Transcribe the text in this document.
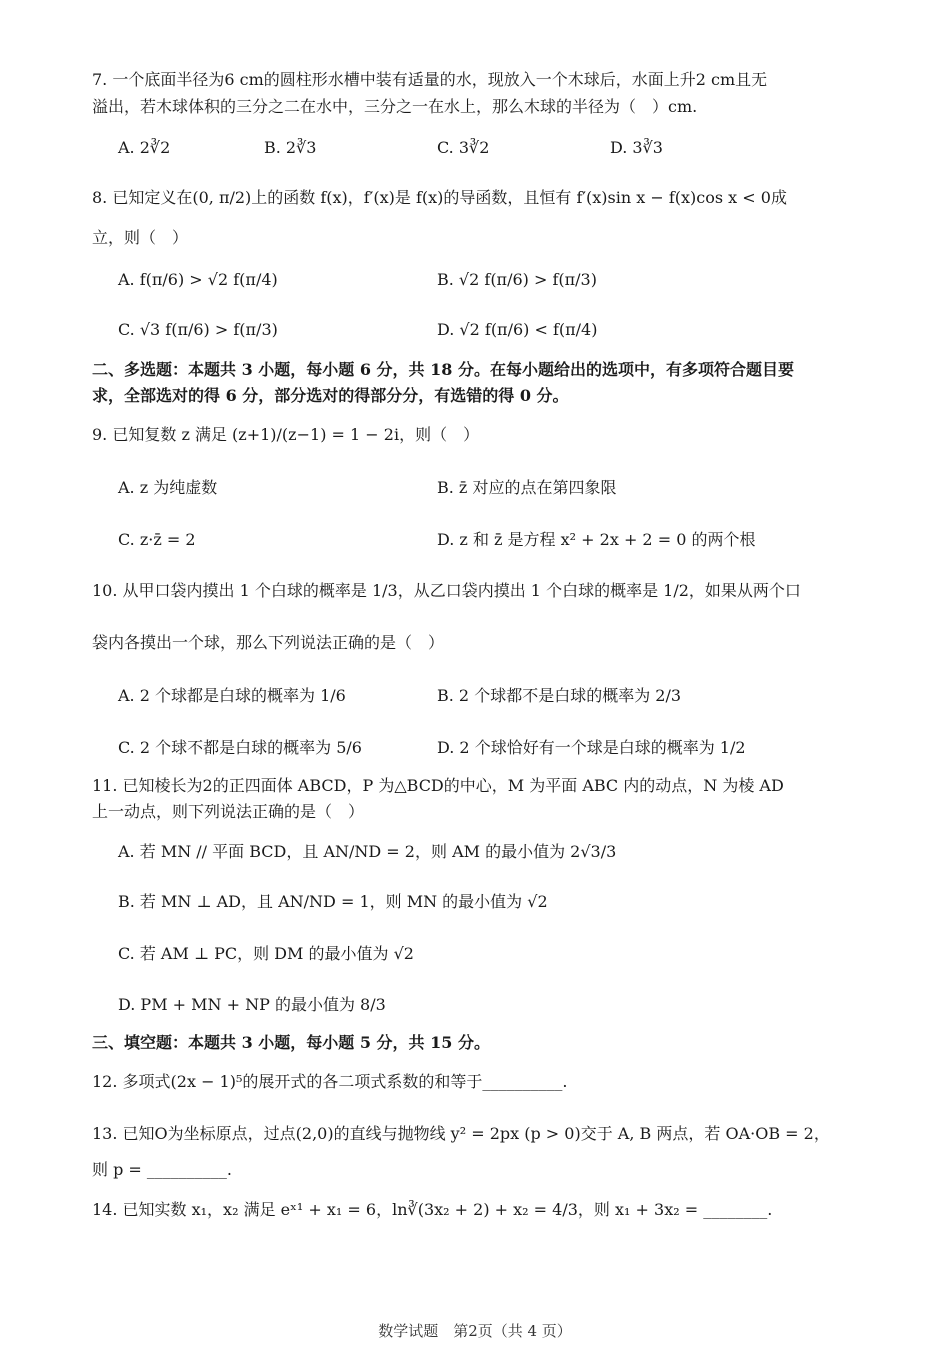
7. 一个底面半径为6 cm的圆柱形水槽中装有适量的水，现放入一个木球后，水面上升2 cm且无
溢出，若木球体积的三分之二在水中，三分之一在水上，那么木球的半径为（　）cm.
A. 2∛2	B. 2∛3	C. 3∛2	D. 3∛3
8. 已知定义在(0, π/2)上的函数 f(x)，f′(x)是 f(x)的导函数，且恒有 f′(x)sin x − f(x)cos x < 0成
立，则（　）
A. f(π/6) > √2 f(π/4)	B. √2 f(π/6) > f(π/3)
C. √3 f(π/6) > f(π/3)	D. √2 f(π/6) < f(π/4)
二、多选题：本题共 3 小题，每小题 6 分，共 18 分。在每小题给出的选项中，有多项符合题目要
求，全部选对的得 6 分，部分选对的得部分分，有选错的得 0 分。
9. 已知复数 z 满足 (z+1)/(z−1) = 1 − 2i，则（　）
A. z 为纯虚数	B. z̄ 对应的点在第四象限
C. z·z̄ = 2	D. z 和 z̄ 是方程 x² + 2x + 2 = 0 的两个根
10. 从甲口袋内摸出 1 个白球的概率是 1/3，从乙口袋内摸出 1 个白球的概率是 1/2，如果从两个口
袋内各摸出一个球，那么下列说法正确的是（　）
A. 2 个球都是白球的概率为 1/6	B. 2 个球都不是白球的概率为 2/3
C. 2 个球不都是白球的概率为 5/6	D. 2 个球恰好有一个球是白球的概率为 1/2
11. 已知棱长为2的正四面体 ABCD，P 为△BCD的中心，M 为平面 ABC 内的动点，N 为棱 AD
上一动点，则下列说法正确的是（　）
A. 若 MN // 平面 BCD，且 AN/ND = 2，则 AM 的最小值为 2√3/3
B. 若 MN ⊥ AD，且 AN/ND = 1，则 MN 的最小值为 √2
C. 若 AM ⊥ PC，则 DM 的最小值为 √2
D. PM + MN + NP 的最小值为 8/3
三、填空题：本题共 3 小题，每小题 5 分，共 15 分。
12. 多项式(2x − 1)⁵的展开式的各二项式系数的和等于__________.
13. 已知O为坐标原点，过点(2,0)的直线与抛物线 y² = 2px (p > 0)交于 A, B 两点，若 OA·OB = 2，
则 p = __________.
14. 已知实数 x₁，x₂ 满足 eˣ¹ + x₁ = 6，ln∛(3x₂ + 2) + x₂ = 4/3，则 x₁ + 3x₂ = ________.
数学试题　第2页（共 4 页）
